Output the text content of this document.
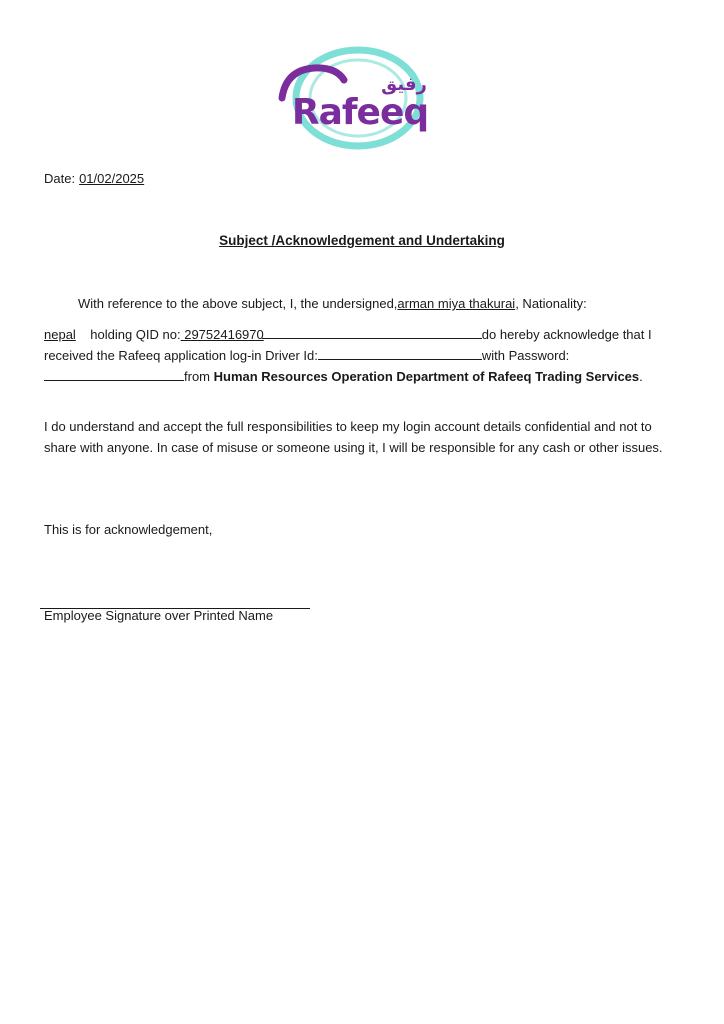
رفيق
Rafeeq
Date: 01/02/2025
Subject /Acknowledgement and Undertaking
With reference to the above subject, I, the undersigned,arman miya thakurai, Nationality:
nepal holding QID no: 29752416970	do hereby acknowledge that I received the Rafeeq application log-in Driver Id:	with Password:from Human Resources Operation Department of Rafeeq Trading Services.
I do understand and accept the full responsibilities to keep my login account details confidential and not to share with anyone. In case of misuse or someone using it, I will be responsible for any cash or other issues.
This is for acknowledgement,
Employee Signature over Printed Name
